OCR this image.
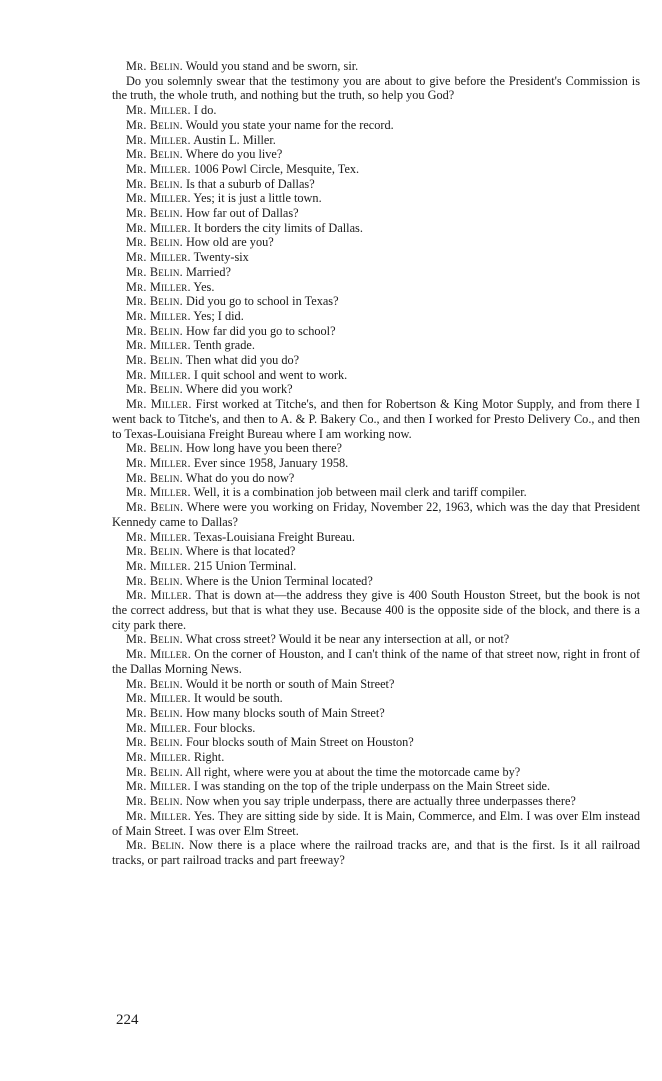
Mr. Belin. Would you stand and be sworn, sir.

Do you solemnly swear that the testimony you are about to give before the President's Commission is the truth, the whole truth, and nothing but the truth, so help you God?

Mr. Miller. I do.

Mr. Belin. Would you state your name for the record.

Mr. Miller. Austin L. Miller.

Mr. Belin. Where do you live?

Mr. Miller. 1006 Powl Circle, Mesquite, Tex.

Mr. Belin. Is that a suburb of Dallas?

Mr. Miller. Yes; it is just a little town.

Mr. Belin. How far out of Dallas?

Mr. Miller. It borders the city limits of Dallas.

Mr. Belin. How old are you?

Mr. Miller. Twenty-six

Mr. Belin. Married?

Mr. Miller. Yes.

Mr. Belin. Did you go to school in Texas?

Mr. Miller. Yes; I did.

Mr. Belin. How far did you go to school?

Mr. Miller. Tenth grade.

Mr. Belin. Then what did you do?

Mr. Miller. I quit school and went to work.

Mr. Belin. Where did you work?

Mr. Miller. First worked at Titche's, and then for Robertson & King Motor Supply, and from there I went back to Titche's, and then to A. & P. Bakery Co., and then I worked for Presto Delivery Co., and then to Texas-Louisiana Freight Bureau where I am working now.

Mr. Belin. How long have you been there?

Mr. Miller. Ever since 1958, January 1958.

Mr. Belin. What do you do now?

Mr. Miller. Well, it is a combination job between mail clerk and tariff compiler.

Mr. Belin. Where were you working on Friday, November 22, 1963, which was the day that President Kennedy came to Dallas?

Mr. Miller. Texas-Louisiana Freight Bureau.

Mr. Belin. Where is that located?

Mr. Miller. 215 Union Terminal.

Mr. Belin. Where is the Union Terminal located?

Mr. Miller. That is down at—the address they give is 400 South Houston Street, but the book is not the correct address, but that is what they use. Because 400 is the opposite side of the block, and there is a city park there.

Mr. Belin. What cross street? Would it be near any intersection at all, or not?

Mr. Miller. On the corner of Houston, and I can't think of the name of that street now, right in front of the Dallas Morning News.

Mr. Belin. Would it be north or south of Main Street?

Mr. Miller. It would be south.

Mr. Belin. How many blocks south of Main Street?

Mr. Miller. Four blocks.

Mr. Belin. Four blocks south of Main Street on Houston?

Mr. Miller. Right.

Mr. Belin. All right, where were you at about the time the motorcade came by?

Mr. Miller. I was standing on the top of the triple underpass on the Main Street side.

Mr. Belin. Now when you say triple underpass, there are actually three underpasses there?

Mr. Miller. Yes. They are sitting side by side. It is Main, Commerce, and Elm. I was over Elm instead of Main Street. I was over Elm Street.

Mr. Belin. Now there is a place where the railroad tracks are, and that is the first. Is it all railroad tracks, or part railroad tracks and part freeway?

224
